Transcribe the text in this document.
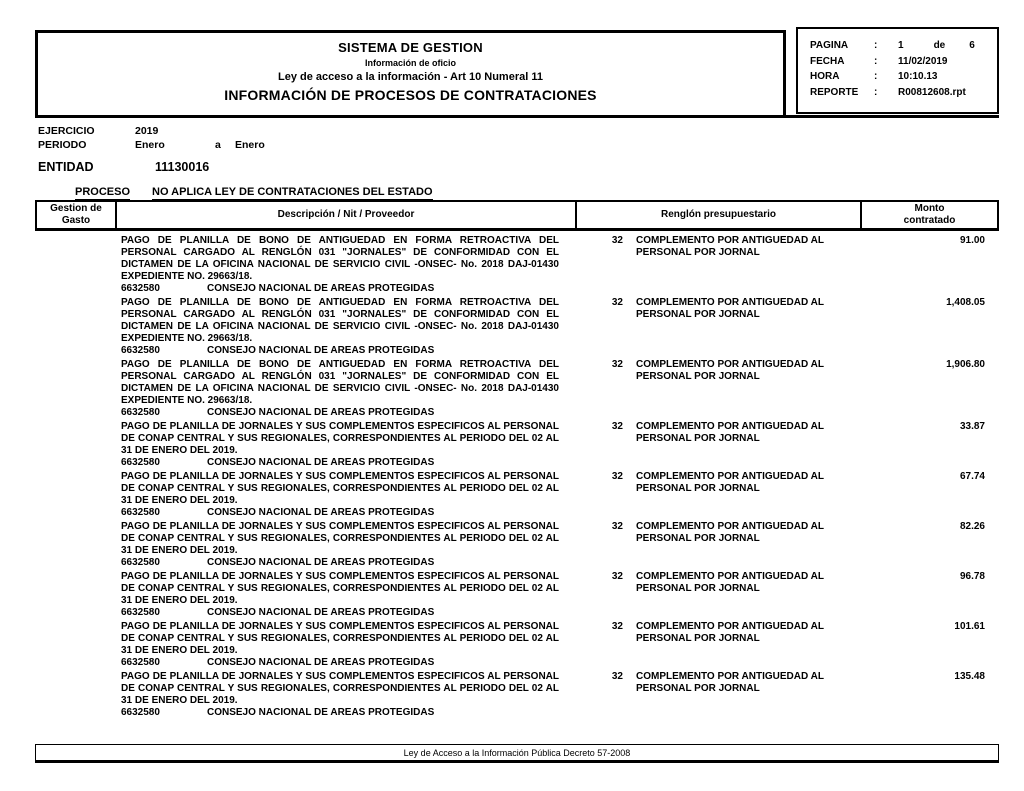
SISTEMA DE GESTION
Información de oficio
Ley de acceso a la información - Art 10 Numeral 11
INFORMACIÓN DE PROCESOS DE CONTRATACIONES
PAGINA	:	1	de 6
FECHA	:	11/02/2019
HORA	:	10:10.13
REPORTE	:	R00812608.rpt
EJERCICIO	2019
PERIODO	Enero	a Enero
ENTIDAD	11130016
PROCESO NO APLICA LEY DE CONTRATACIONES DEL ESTADO
Gestion de
Gasto
Descripción / Nit / Proveedor	Renglón presupuestario
Monto
contratado
PAGO DE PLANILLA DE BONO DE ANTIGUEDAD EN FORMA RETROACTIVA DEL PERSONAL CARGADO AL RENGLÓN 031 "JORNALES" DE CONFORMIDAD CON EL DICTAMEN DE LA OFICINA NACIONAL DE SERVICIO CIVIL -ONSEC- No. 2018 DAJ-01430 EXPEDIENTE NO. 29663/18.
6632580	CONSEJO NACIONAL DE AREAS PROTEGIDAS
32 COMPLEMENTO POR ANTIGUEDAD AL PERSONAL POR JORNAL
91.00
PAGO DE PLANILLA DE BONO DE ANTIGUEDAD EN FORMA RETROACTIVA DEL PERSONAL CARGADO AL RENGLÓN 031 "JORNALES" DE CONFORMIDAD CON EL DICTAMEN DE LA OFICINA NACIONAL DE SERVICIO CIVIL -ONSEC- No. 2018 DAJ-01430 EXPEDIENTE NO. 29663/18.
6632580	CONSEJO NACIONAL DE AREAS PROTEGIDAS
32 COMPLEMENTO POR ANTIGUEDAD AL PERSONAL POR JORNAL
1,408.05
PAGO DE PLANILLA DE BONO DE ANTIGUEDAD EN FORMA RETROACTIVA DEL PERSONAL CARGADO AL RENGLÓN 031 "JORNALES" DE CONFORMIDAD CON EL DICTAMEN DE LA OFICINA NACIONAL DE SERVICIO CIVIL -ONSEC- No. 2018 DAJ-01430 EXPEDIENTE NO. 29663/18.
6632580	CONSEJO NACIONAL DE AREAS PROTEGIDAS
32 COMPLEMENTO POR ANTIGUEDAD AL PERSONAL POR JORNAL
1,906.80
PAGO DE PLANILLA DE JORNALES Y SUS COMPLEMENTOS ESPECIFICOS AL PERSONAL DE CONAP CENTRAL Y SUS REGIONALES, CORRESPONDIENTES AL PERIODO DEL 02 AL 31 DE ENERO DEL 2019.
6632580	CONSEJO NACIONAL DE AREAS PROTEGIDAS
32 COMPLEMENTO POR ANTIGUEDAD AL PERSONAL POR JORNAL
33.87
PAGO DE PLANILLA DE JORNALES Y SUS COMPLEMENTOS ESPECIFICOS AL PERSONAL DE CONAP CENTRAL Y SUS REGIONALES, CORRESPONDIENTES AL PERIODO DEL 02 AL 31 DE ENERO DEL 2019.
6632580	CONSEJO NACIONAL DE AREAS PROTEGIDAS
32 COMPLEMENTO POR ANTIGUEDAD AL PERSONAL POR JORNAL
67.74
PAGO DE PLANILLA DE JORNALES Y SUS COMPLEMENTOS ESPECIFICOS AL PERSONAL DE CONAP CENTRAL Y SUS REGIONALES, CORRESPONDIENTES AL PERIODO DEL 02 AL 31 DE ENERO DEL 2019.
6632580	CONSEJO NACIONAL DE AREAS PROTEGIDAS
32 COMPLEMENTO POR ANTIGUEDAD AL PERSONAL POR JORNAL
82.26
PAGO DE PLANILLA DE JORNALES Y SUS COMPLEMENTOS ESPECIFICOS AL PERSONAL DE CONAP CENTRAL Y SUS REGIONALES, CORRESPONDIENTES AL PERIODO DEL 02 AL 31 DE ENERO DEL 2019.
6632580	CONSEJO NACIONAL DE AREAS PROTEGIDAS
32 COMPLEMENTO POR ANTIGUEDAD AL PERSONAL POR JORNAL
96.78
PAGO DE PLANILLA DE JORNALES Y SUS COMPLEMENTOS ESPECIFICOS AL PERSONAL DE CONAP CENTRAL Y SUS REGIONALES, CORRESPONDIENTES AL PERIODO DEL 02 AL 31 DE ENERO DEL 2019.
6632580	CONSEJO NACIONAL DE AREAS PROTEGIDAS
32 COMPLEMENTO POR ANTIGUEDAD AL PERSONAL POR JORNAL
101.61
PAGO DE PLANILLA DE JORNALES Y SUS COMPLEMENTOS ESPECIFICOS AL PERSONAL DE CONAP CENTRAL Y SUS REGIONALES, CORRESPONDIENTES AL PERIODO DEL 02 AL 31 DE ENERO DEL 2019.
6632580	CONSEJO NACIONAL DE AREAS PROTEGIDAS
32 COMPLEMENTO POR ANTIGUEDAD AL PERSONAL POR JORNAL
135.48
Ley de Acceso a la Información Pública Decreto 57-2008
